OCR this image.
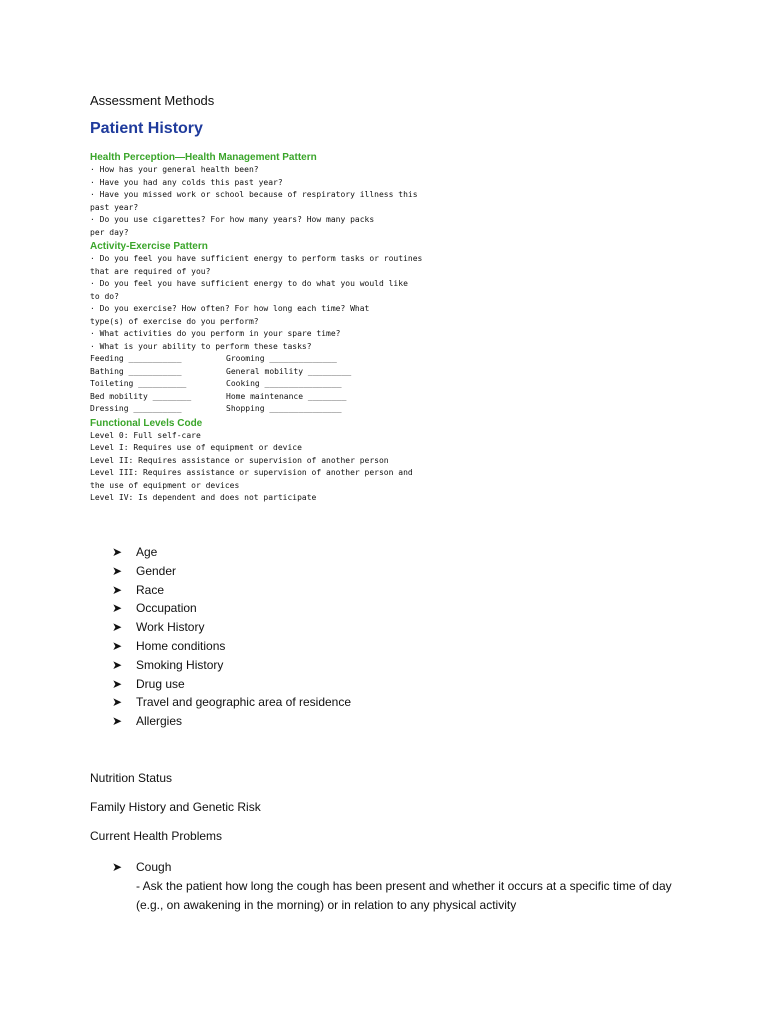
Assessment Methods
Patient History
Health Perception—Health Management Pattern
· How has your general health been?
· Have you had any colds this past year?
· Have you missed work or school because of respiratory illness this
past year?
· Do you use cigarettes? For how many years? How many packs
per day?
Activity-Exercise Pattern
· Do you feel you have sufficient energy to perform tasks or routines
that are required of you?
· Do you feel you have sufficient energy to do what you would like
to do?
· Do you exercise? How often? For how long each time? What
type(s) of exercise do you perform?
· What activities do you perform in your spare time?
· What is your ability to perform these tasks?
Feeding ___________	Grooming ______________
Bathing ___________	General mobility _________
Toileting __________	Cooking ________________
Bed mobility ________	Home maintenance ________
Dressing __________	Shopping _______________
Functional Levels Code
Level 0: Full self-care
Level I: Requires use of equipment or device
Level II: Requires assistance or supervision of another person
Level III: Requires assistance or supervision of another person and
the use of equipment or devices
Level IV: Is dependent and does not participate
➤	Age
➤	Gender
➤	Race
➤	Occupation
➤	Work History
➤	Home conditions
➤	Smoking History
➤	Drug use
➤	Travel and geographic area of residence
➤	Allergies
Nutrition Status
Family History and Genetic Risk
Current Health Problems
➤	Cough
- Ask the patient how long the cough has been present and whether it occurs at a specific time of day (e.g., on awakening in the morning) or in relation to any physical activity
